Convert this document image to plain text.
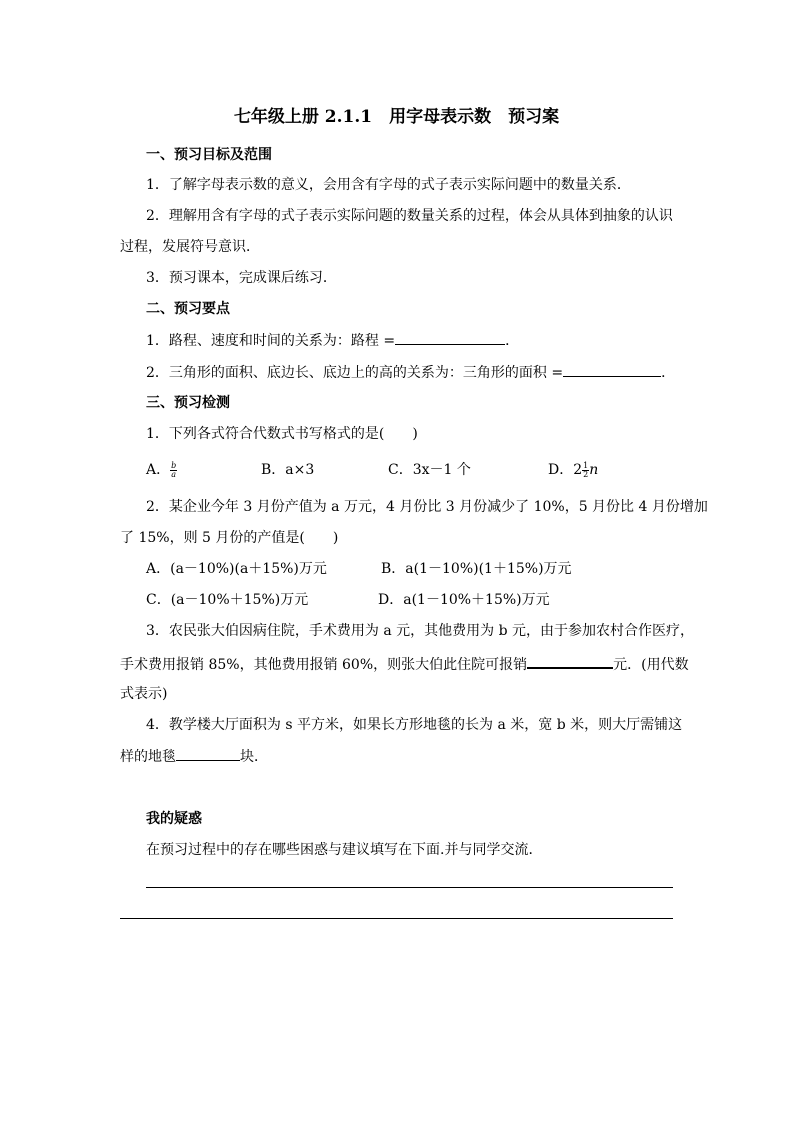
七年级上册 2.1.1　用字母表示数　预习案
一、预习目标及范围
1．了解字母表示数的意义，会用含有字母的式子表示实际问题中的数量关系．
2．理解用含有字母的式子表示实际问题的数量关系的过程，体会从具体到抽象的认识
过程，发展符号意识．
3．预习课本，完成课后练习．
二、预习要点
1．路程、速度和时间的关系为：路程 =	．
2．三角形的面积、底边长、底边上的高的关系为：三角形的面积 =	．
三、预习检测
1．下列各式符合代数式书写格式的是(　　)
A． $\frac{b}{a}$	B．a×3	C．3x－1 个	D．$2 \frac{1}{2}$ n
2．某企业今年 3 月份产值为 a 万元，4 月份比 3 月份减少了 10%，5 月份比 4 月份增加
了 15%，则 5 月份的产值是(　　)
A．(a－10%)(a＋15%)万元	B．a(1－10%)(1＋15%)万元
C．(a－10%＋15%)万元	D．a(1－10%＋15%)万元
3．农民张大伯因病住院，手术费用为 a 元，其他费用为 b 元，由于参加农村合作医疗，
手术费用报销 85%，其他费用报销 60%，则张大伯此住院可报销	元．(用代数
式表示)
4．教学楼大厅面积为 s 平方米，如果长方形地毯的长为 a 米，宽 b 米，则大厅需铺这
样的地毯	块．
我的疑惑
在预习过程中的存在哪些困惑与建议填写在下面.并与同学交流．
